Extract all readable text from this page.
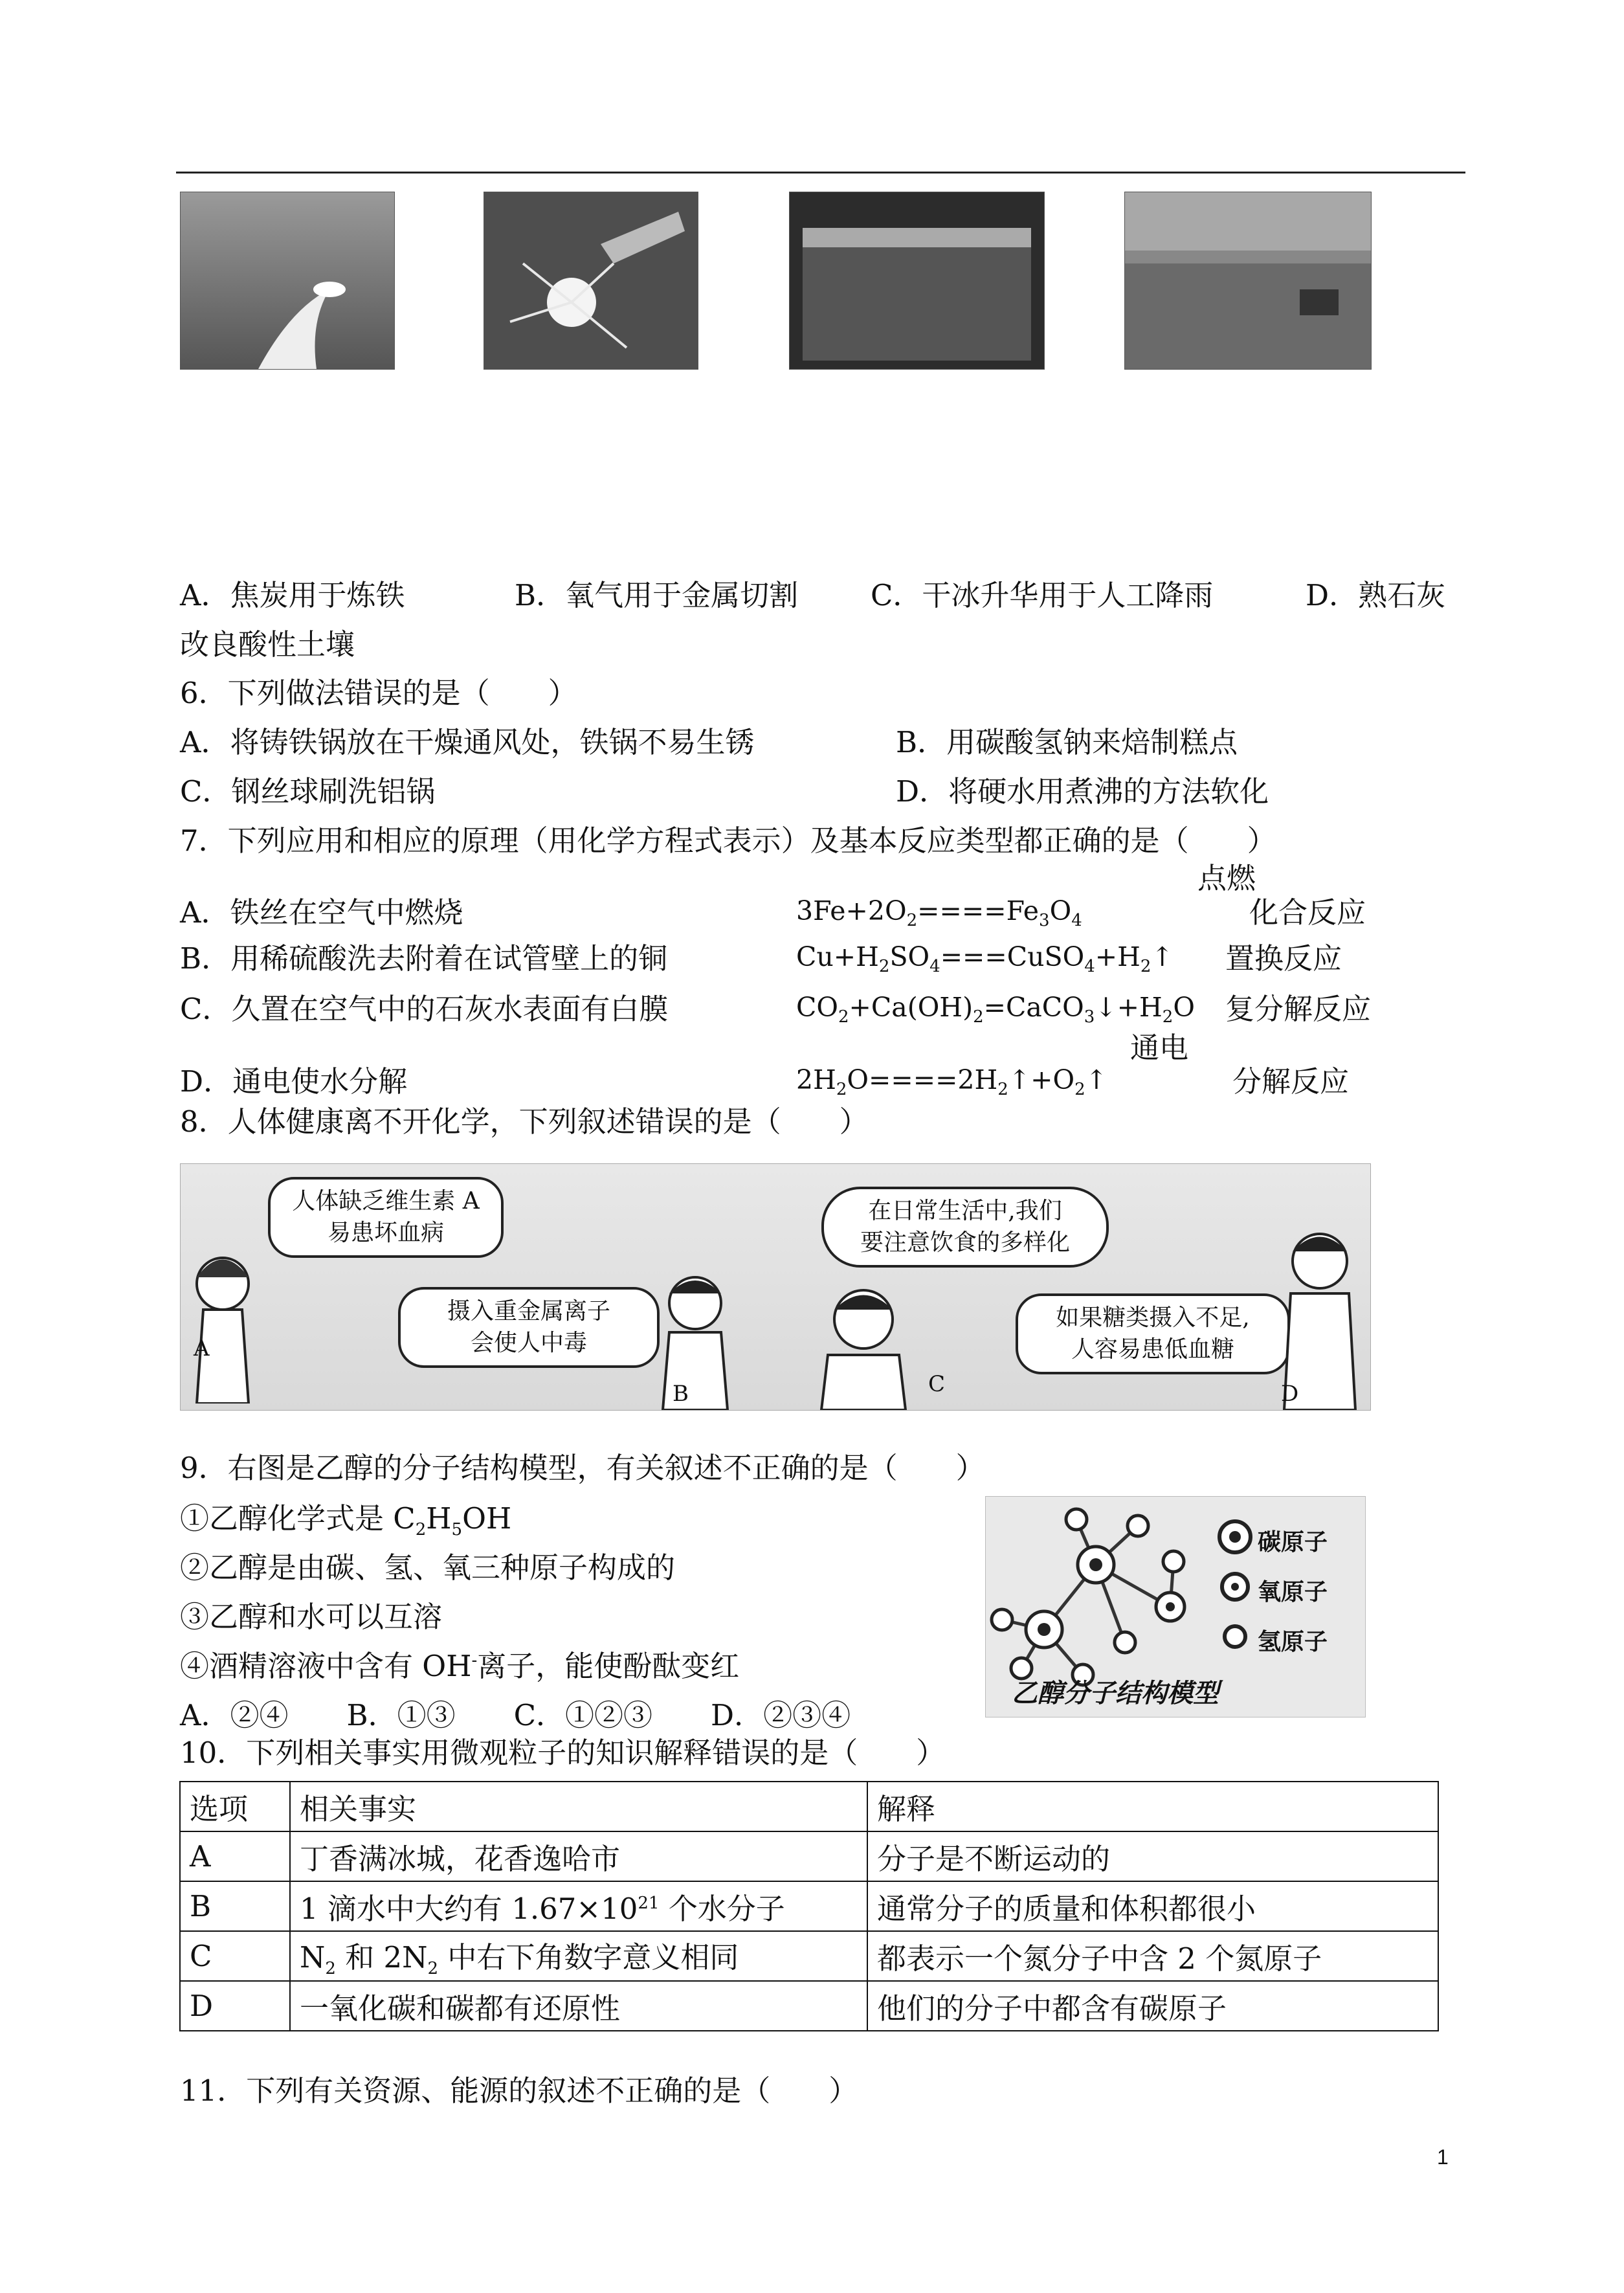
A．焦炭用于炼铁	B．氧气用于金属切割 C．干冰升华用于人工降雨	D．熟石灰
改良酸性土壤
6．下列做法错误的是（　　）
A．将铸铁锅放在干燥通风处，铁锅不易生锈	B．用碳酸氢钠来焙制糕点
C．钢丝球刷洗铝锅	D．将硬水用煮沸的方法软化
7．下列应用和相应的原理（用化学方程式表示）及基本反应类型都正确的是（　　）
点燃
A．铁丝在空气中燃烧	$3Fe+2O_2====Fe_3O_4$	化合反应
B．用稀硫酸洗去附着在试管壁上的铜	$Cu+H_2SO_4===CuSO_4+H_2↑$ 置换反应
C．久置在空气中的石灰水表面有白膜	$CO_2+Ca(OH)_2=CaCO_3↓+H_2O$ 复分解反应
通电
D．通电使水分解	$2H_2O====2H_2↑+O_2↑$	分解反应
8．人体健康离不开化学，下列叙述错误的是（　　）
人体缺乏维生素 A
易患坏血病
摄入重金属离子
会使人中毒
在日常生活中,我们
要注意饮食的多样化
如果糖类摄入不足,
人容易患低血糖
A
B	C	D
9．右图是乙醇的分子结构模型，有关叙述不正确的是（　　）
①乙醇化学式是 $C_2H_5OH$
②乙醇是由碳、氢、氧三种原子构成的
③乙醇和水可以互溶
④酒精溶液中含有 OH-离子，能使酚酞变红
A．②④　　B．①③　　C．①②③　　D．②③④
碳原子
氧原子
氢原子
乙醇分子结构模型
10．下列相关事实用微观粒子的知识解释错误的是（　　）
选项	相关事实	解释
A	丁香满冰城，花香逸哈市	分子是不断运动的
B	1 滴水中大约有 $1.67\times 10^{21}$ 个水分子	通常分子的质量和体积都很小
C	$N_2$ 和 $2N_2$ 中右下角数字意义相同	都表示一个氮分子中含 2 个氮原子
D	一氧化碳和碳都有还原性	他们的分子中都含有碳原子
11．下列有关资源、能源的叙述不正确的是（　　）
1
